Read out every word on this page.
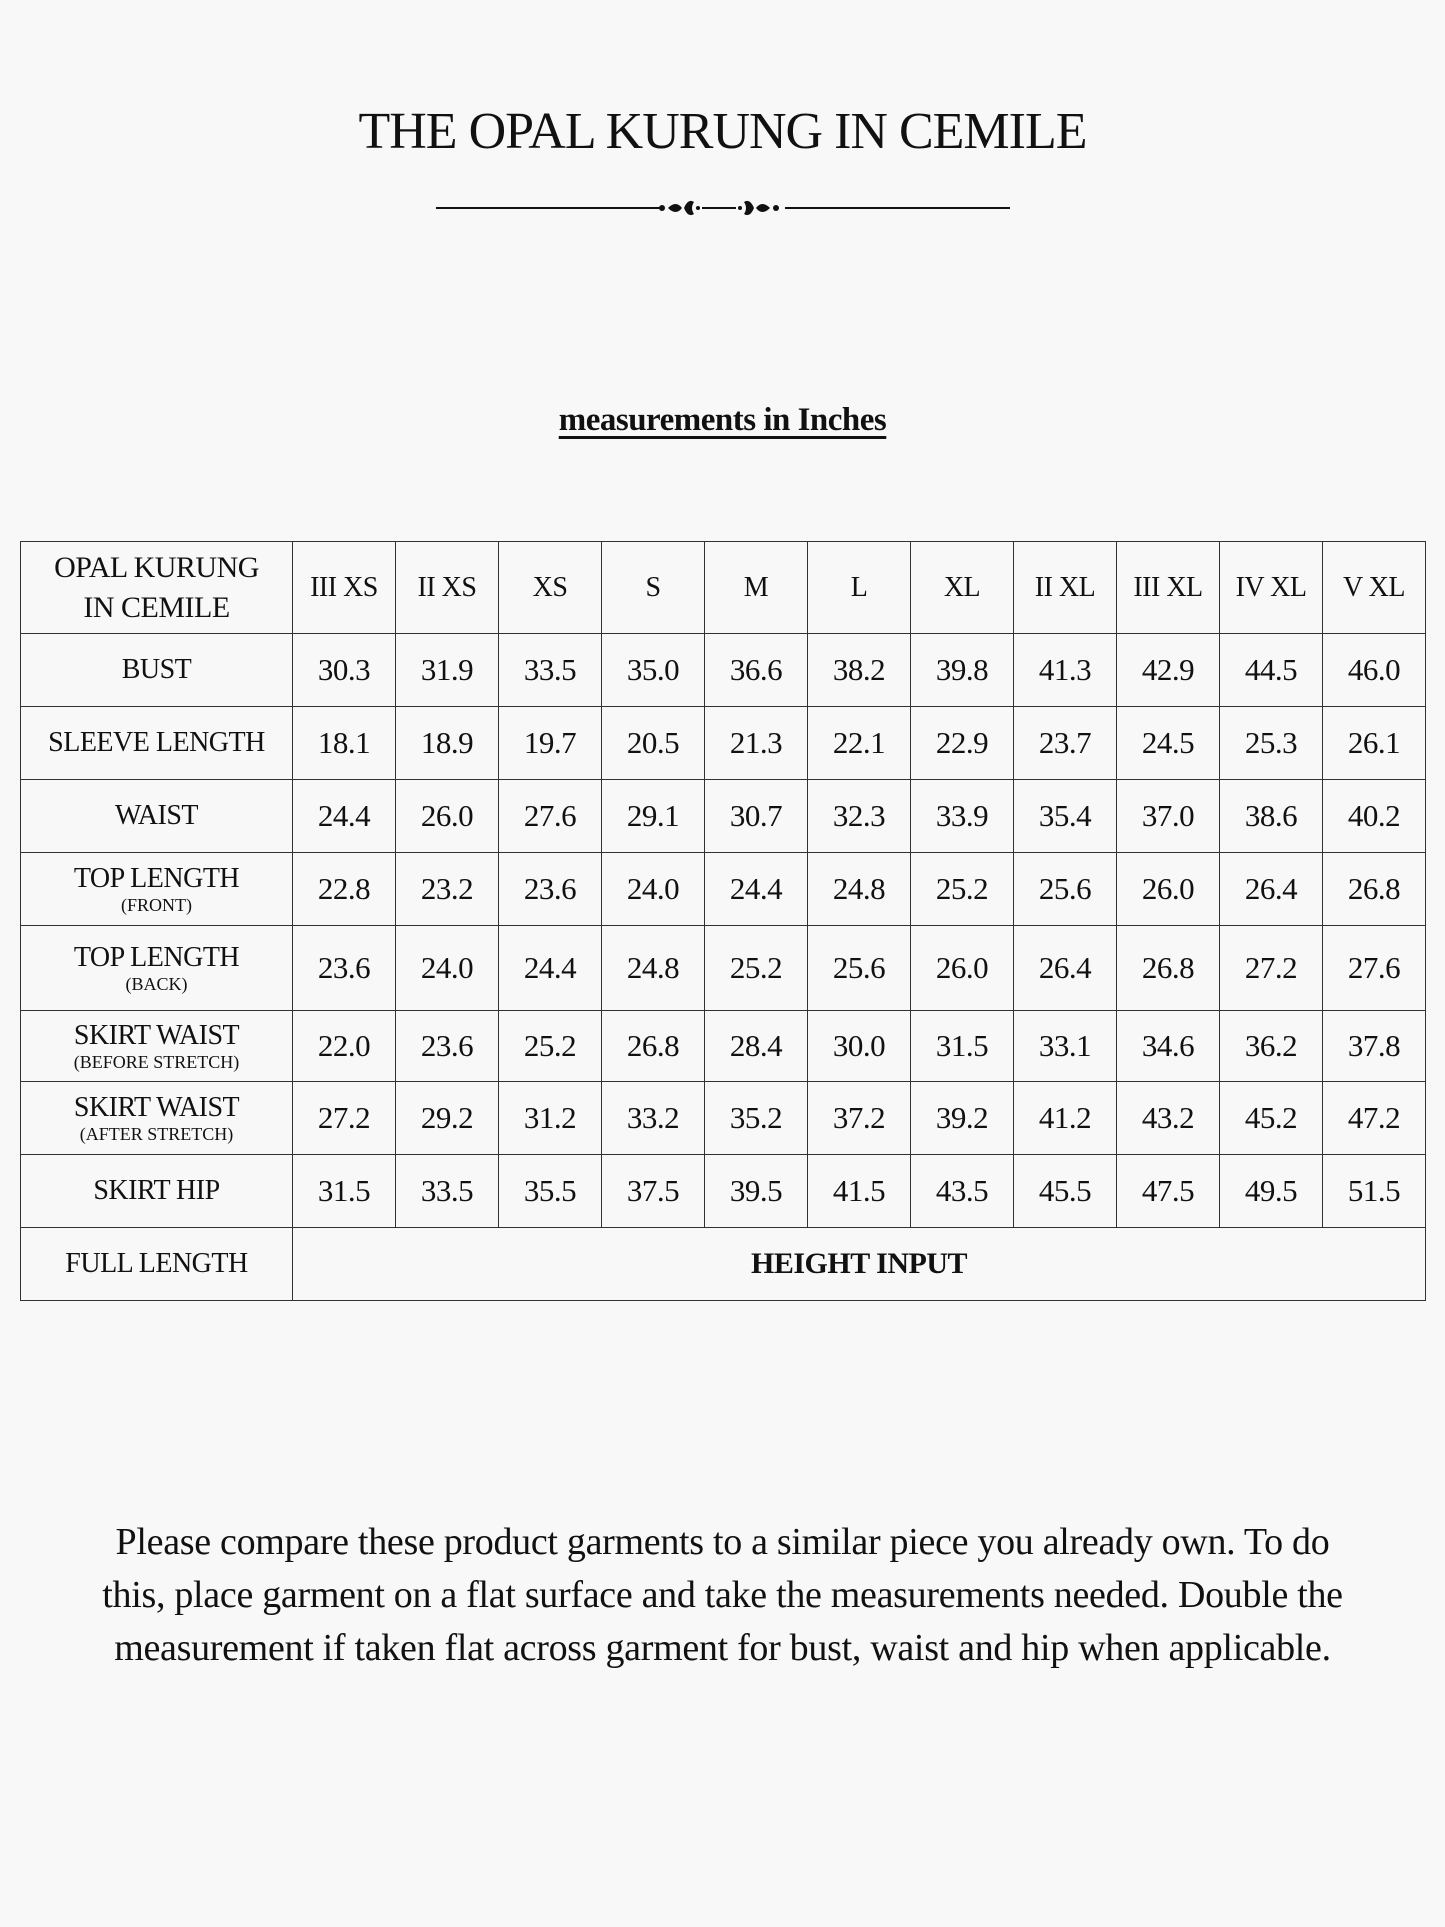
THE OPAL KURUNG IN CEMILE
measurements in Inches
OPAL KURUNG
IN CEMILE	III XS	II XS	XS	S	M	L	XL	II XL	III XL	IV XL	V XL
BUST	30.3	31.9	33.5	35.0	36.6	38.2	39.8	41.3	42.9	44.5	46.0
SLEEVE LENGTH	18.1	18.9	19.7	20.5	21.3	22.1	22.9	23.7	24.5	25.3	26.1
WAIST	24.4	26.0	27.6	29.1	30.7	32.3	33.9	35.4	37.0	38.6	40.2
TOP LENGTH
(FRONT)	22.8	23.2	23.6	24.0	24.4	24.8	25.2	25.6	26.0	26.4	26.8
TOP LENGTH
(BACK)	23.6	24.0	24.4	24.8	25.2	25.6	26.0	26.4	26.8	27.2	27.6
SKIRT WAIST
(BEFORE STRETCH)	22.0	23.6	25.2	26.8	28.4	30.0	31.5	33.1	34.6	36.2	37.8
SKIRT WAIST
(AFTER STRETCH)	27.2	29.2	31.2	33.2	35.2	37.2	39.2	41.2	43.2	45.2	47.2
SKIRT HIP	31.5	33.5	35.5	37.5	39.5	41.5	43.5	45.5	47.5	49.5	51.5
FULL LENGTH	HEIGHT INPUT										

Please compare these product garments to a similar piece you already own. To do this, place garment on a flat surface and take the measurements needed. Double the measurement if taken flat across garment for bust, waist and hip when applicable.
